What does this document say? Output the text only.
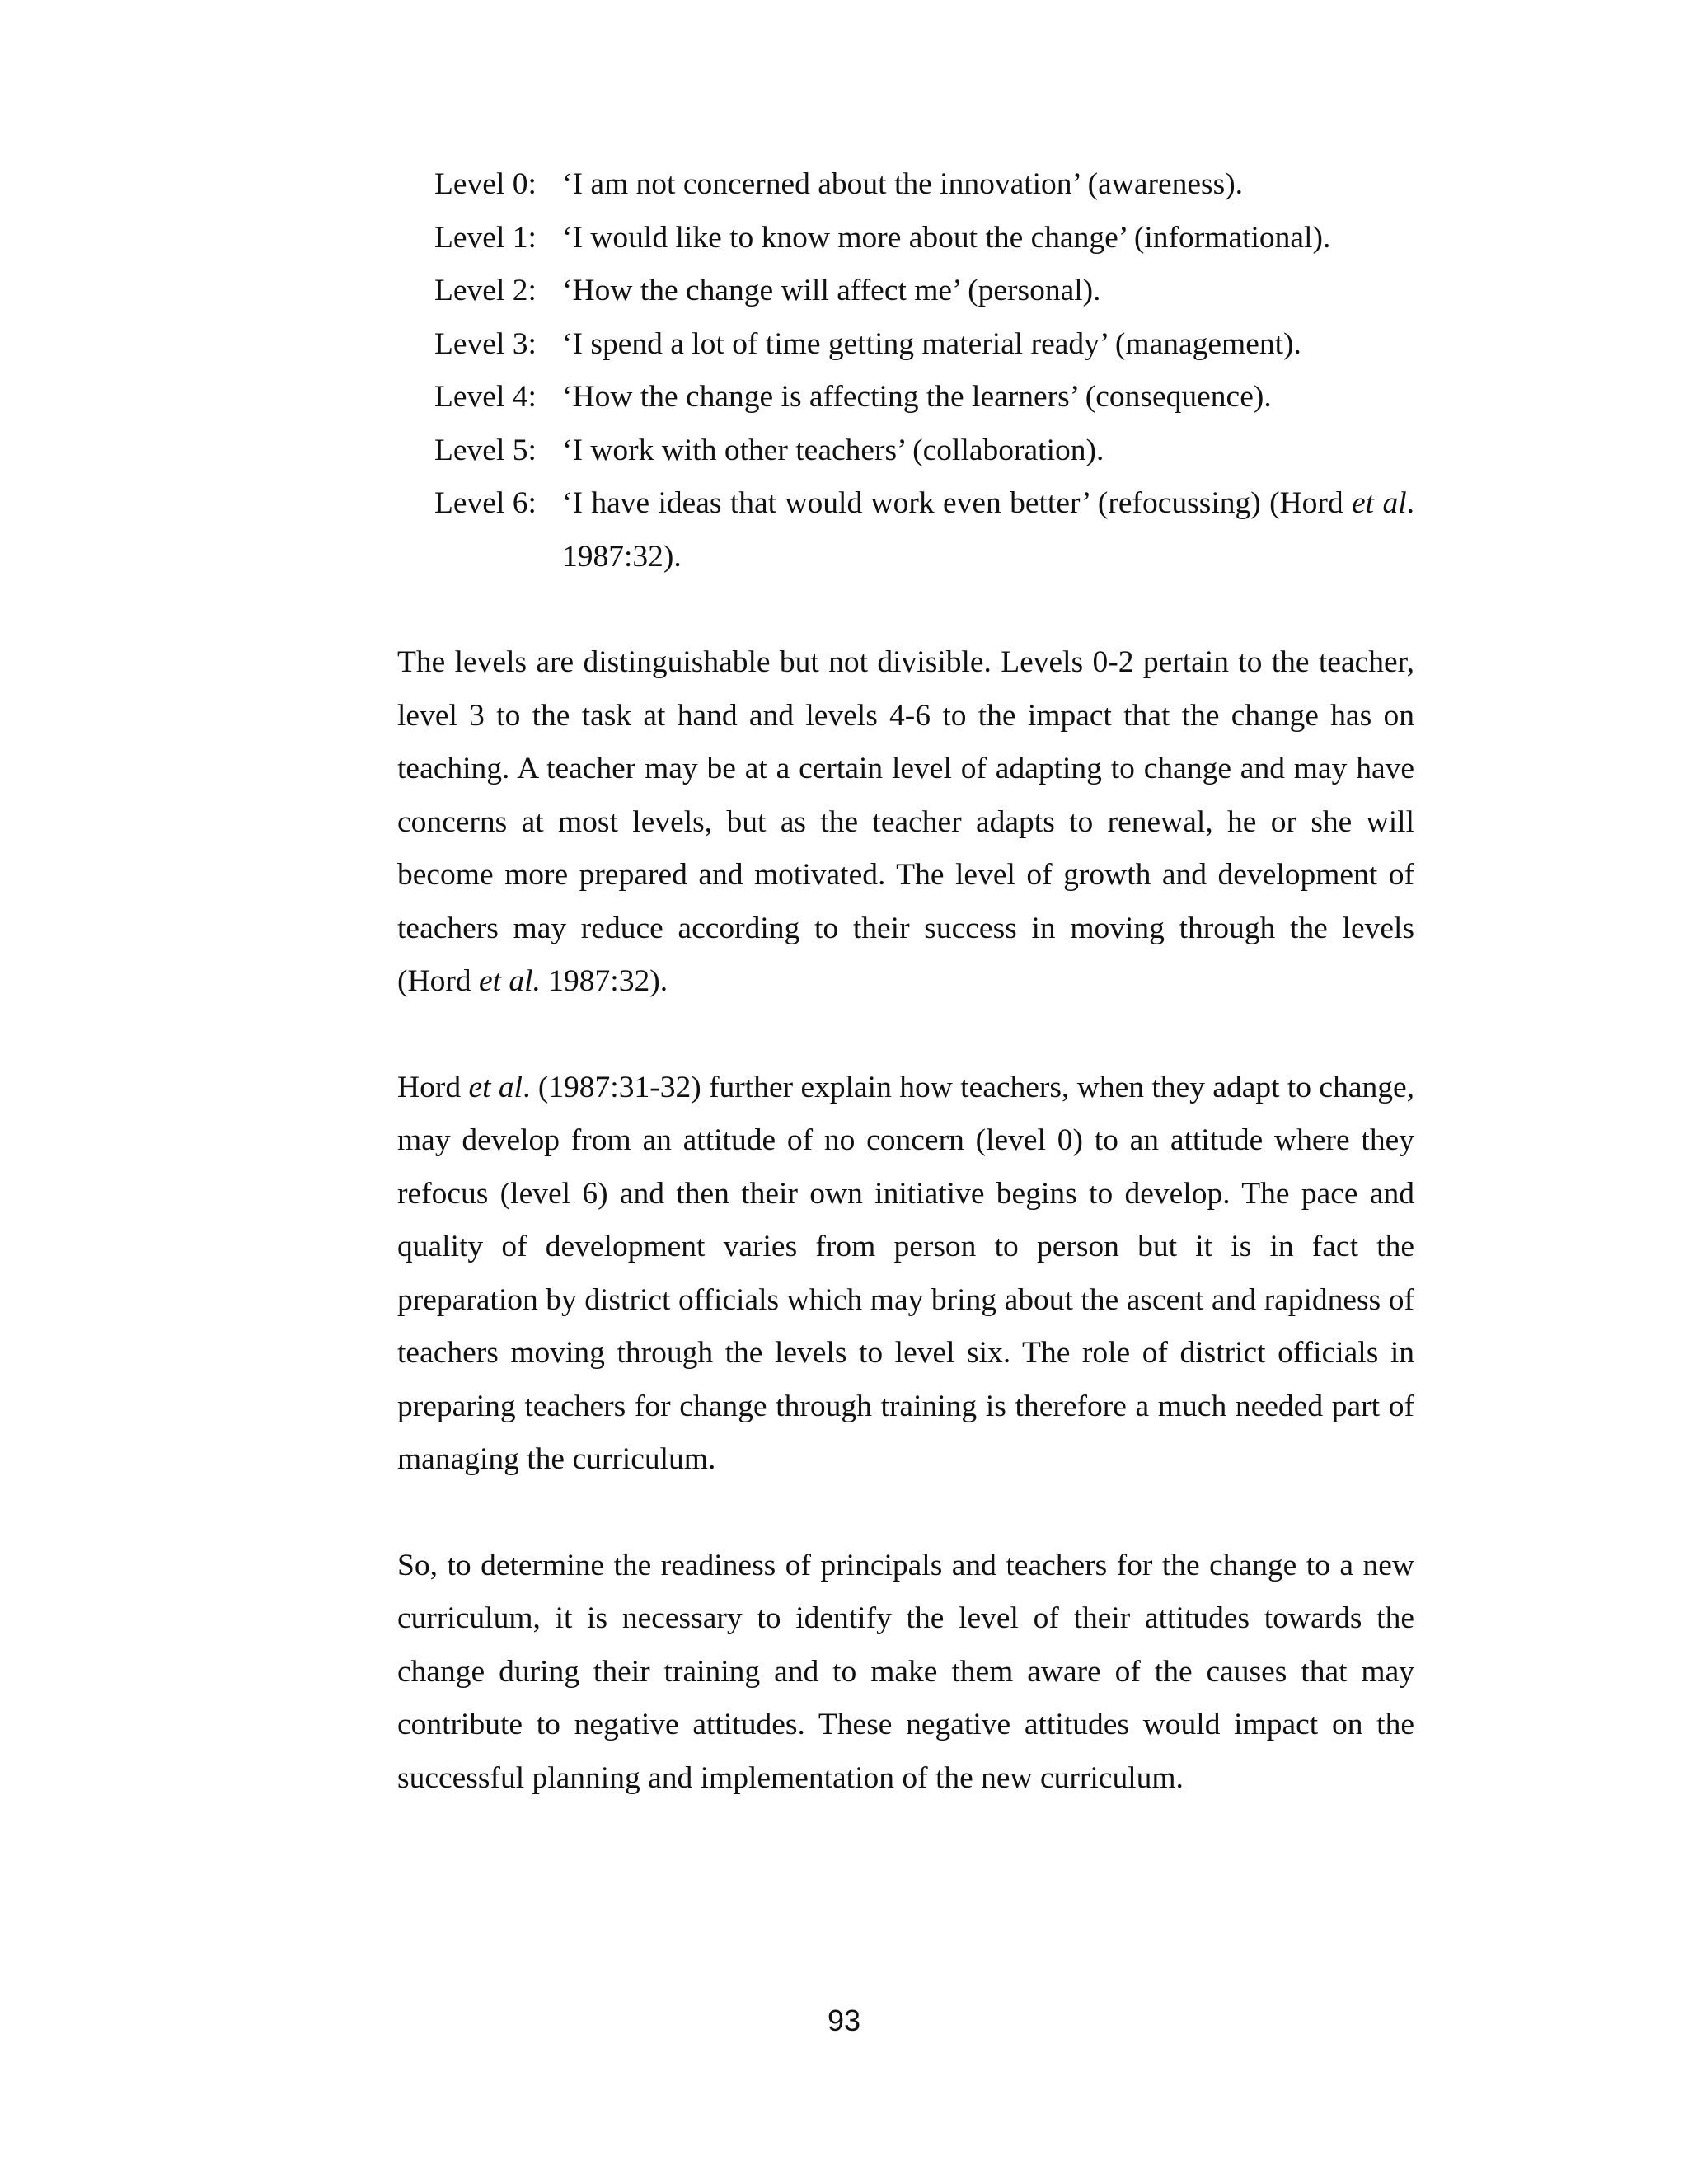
Level 0: ‘I am not concerned about the innovation’ (awareness).
Level 1: ‘I would like to know more about the change’ (informational).
Level 2: ‘How the change will affect me’ (personal).
Level 3: ‘I spend a lot of time getting material ready’ (management).
Level 4: ‘How the change is affecting the learners’ (consequence).
Level 5: ‘I work with other teachers’ (collaboration).
Level 6: ‘I have ideas that would work even better’ (refocussing) (Hord et al. 1987:32).

The levels are distinguishable but not divisible. Levels 0-2 pertain to the teacher, level 3 to the task at hand and levels 4-6 to the impact that the change has on teaching. A teacher may be at a certain level of adapting to change and may have concerns at most levels, but as the teacher adapts to renewal, he or she will become more prepared and motivated. The level of growth and development of teachers may reduce according to their success in moving through the levels (Hord et al. 1987:32).

Hord et al. (1987:31-32) further explain how teachers, when they adapt to change, may develop from an attitude of no concern (level 0) to an attitude where they refocus (level 6) and then their own initiative begins to develop. The pace and quality of development varies from person to person but it is in fact the preparation by district officials which may bring about the ascent and rapidness of teachers moving through the levels to level six. The role of district officials in preparing teachers for change through training is therefore a much needed part of managing the curriculum.

So, to determine the readiness of principals and teachers for the change to a new curriculum, it is necessary to identify the level of their attitudes towards the change during their training and to make them aware of the causes that may contribute to negative attitudes. These negative attitudes would impact on the successful planning and implementation of the new curriculum.

93
